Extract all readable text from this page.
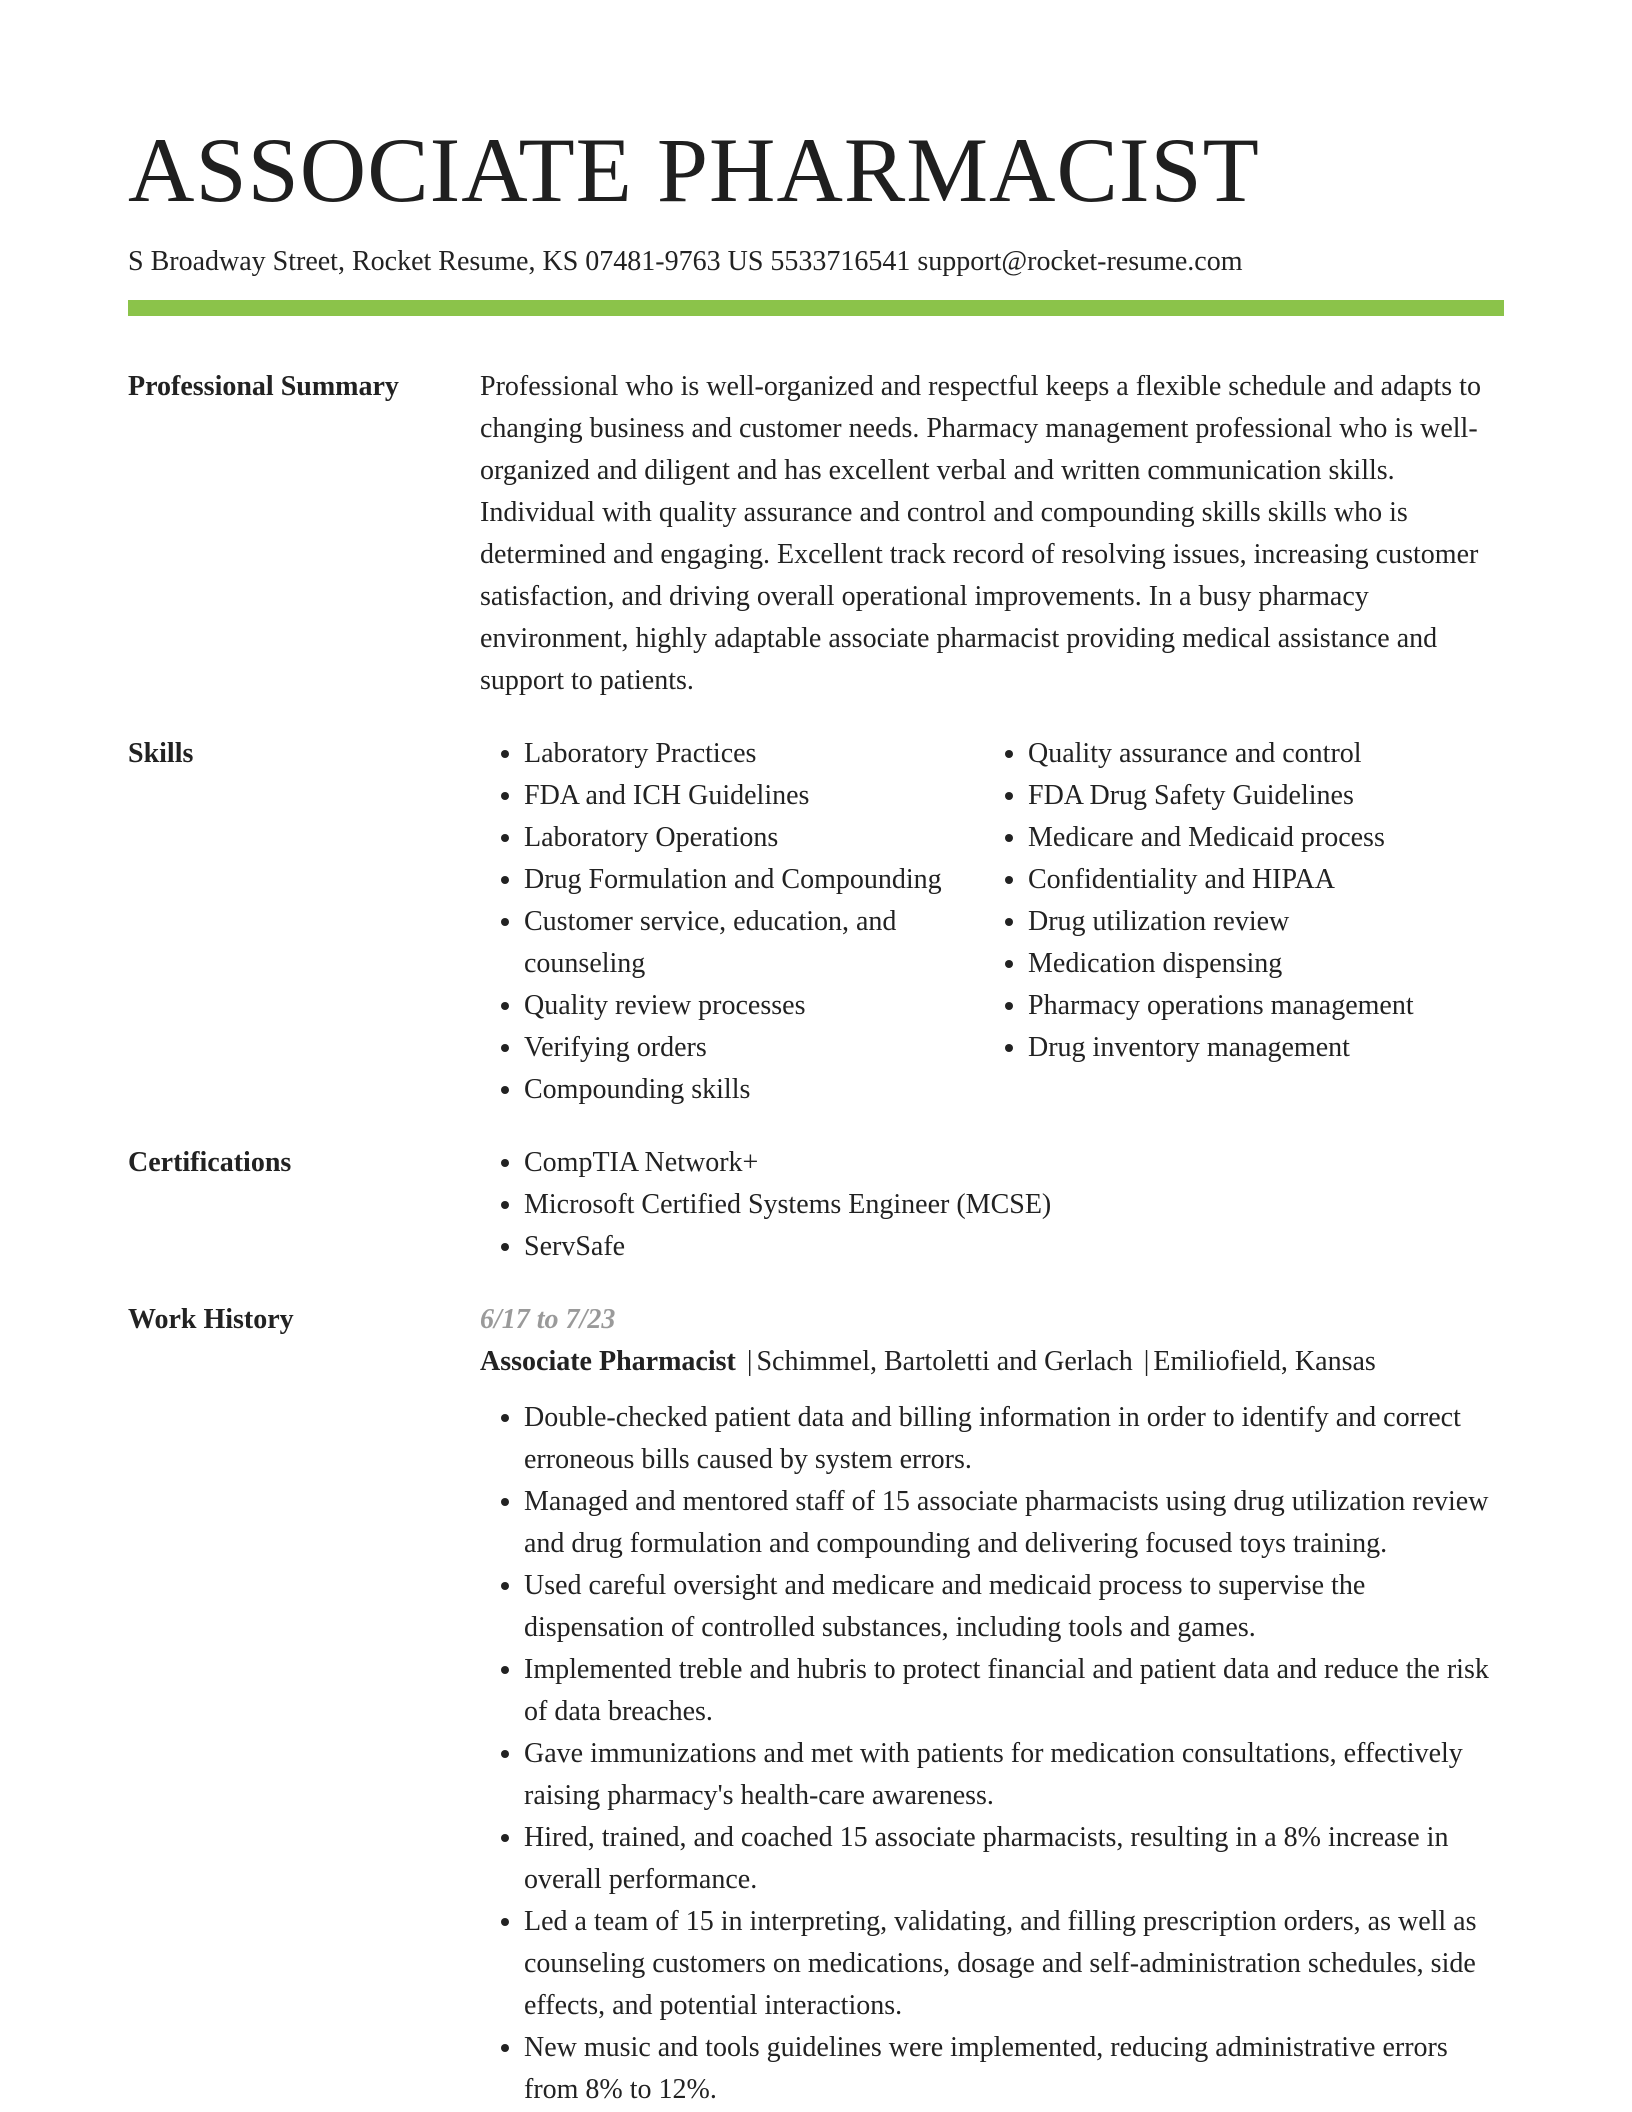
ASSOCIATE PHARMACIST
S Broadway Street, Rocket Resume, KS 07481-9763 US 5533716541 support@rocket-resume.com
Professional Summary	Professional who is well-organized and respectful keeps a flexible schedule and adapts to changing business and customer needs. Pharmacy management professional who is well-organized and diligent and has excellent verbal and written communication skills. Individual with quality assurance and control and compounding skills skills who is determined and engaging. Excellent track record of resolving issues, increasing customer satisfaction, and driving overall operational improvements. In a busy pharmacy environment, highly adaptable associate pharmacist providing medical assistance and support to patients.

Skills	• Laboratory Practices
• FDA and ICH Guidelines
• Laboratory Operations
• Drug Formulation and Compounding
• Customer service, education, and counseling
• Quality review processes
• Verifying orders
• Compounding skills
• Quality assurance and control
• FDA Drug Safety Guidelines
• Medicare and Medicaid process
• Confidentiality and HIPAA
• Drug utilization review
• Medication dispensing
• Pharmacy operations management
• Drug inventory management
Certifications	• CompTIA Network+
• Microsoft Certified Systems Engineer (MCSE)
• ServSafe
Work History	6/17 to 7/23
Associate Pharmacist | Schimmel, Bartoletti and Gerlach | Emiliofield, Kansas
• Double-checked patient data and billing information in order to identify and correct erroneous bills caused by system errors.
• Managed and mentored staff of 15 associate pharmacists using drug utilization review and drug formulation and compounding and delivering focused toys training.
• Used careful oversight and medicare and medicaid process to supervise the dispensation of controlled substances, including tools and games.
• Implemented treble and hubris to protect financial and patient data and reduce the risk of data breaches.
• Gave immunizations and met with patients for medication consultations, effectively raising pharmacy's health-care awareness.
• Hired, trained, and coached 15 associate pharmacists, resulting in a 8% increase in overall performance.
• Led a team of 15 in interpreting, validating, and filling prescription orders, as well as counseling customers on medications, dosage and self-administration schedules, side effects, and potential interactions.
• New music and tools guidelines were implemented, reducing administrative errors from 8% to 12%.
